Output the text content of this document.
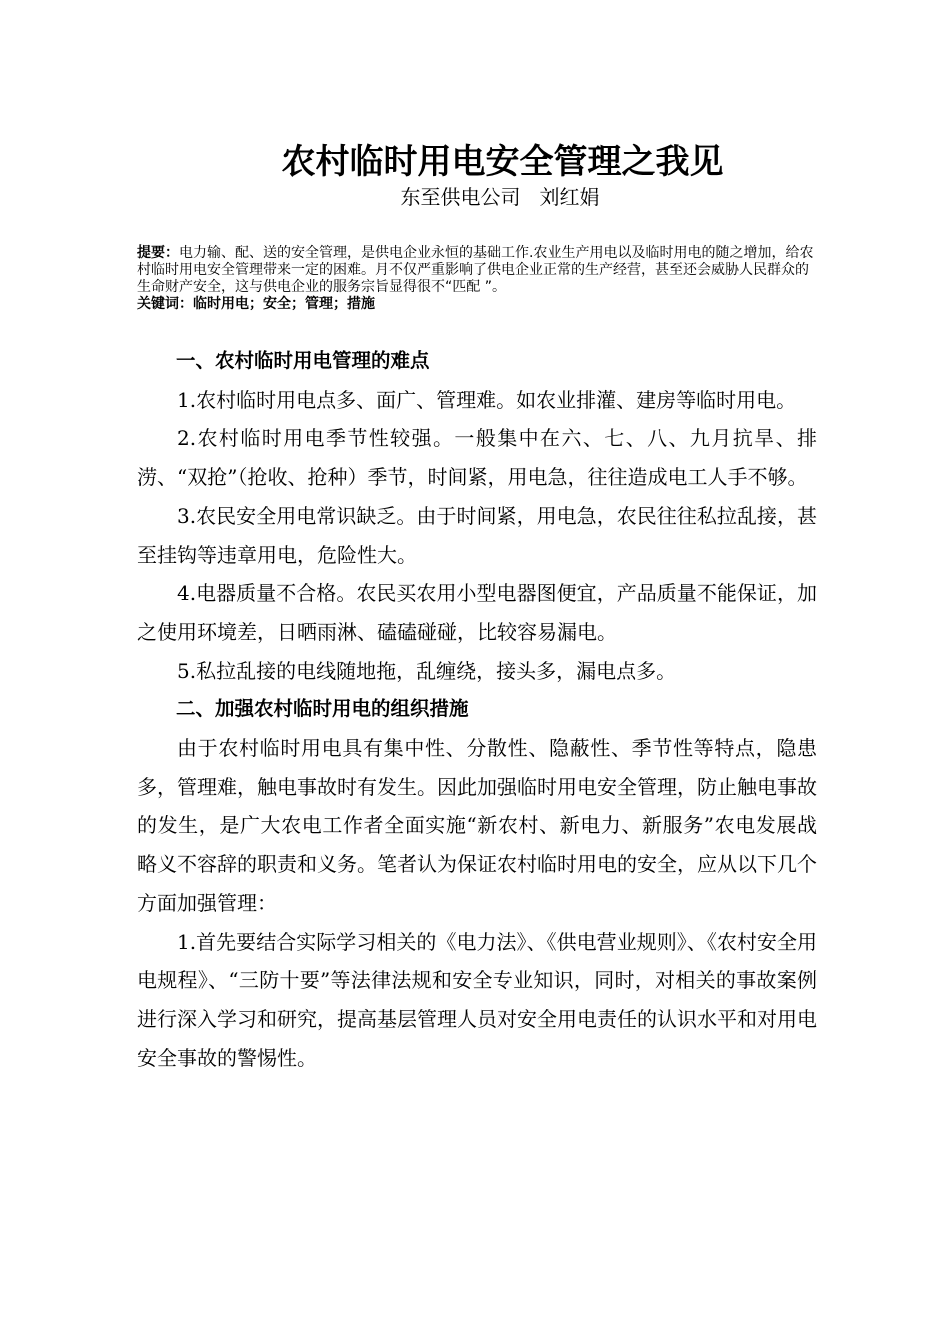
农村临时用电安全管理之我见
东至供电公司   刘红娟
提要：电力输、配、送的安全管理，是供电企业永恒的基础工作.农业生产用电以及临时用电的随之增加，给农村临时用电安全管理带来一定的困难。月不仅严重影响了供电企业正常的生产经营，甚至还会威胁人民群众的生命财产安全，这与供电企业的服务宗旨显得很不“匹配 ”。
关键词：临时用电；安全；管理；措施

一、农村临时用电管理的难点

1.农村临时用电点多、面广、管理难。如农业排灌、建房等临时用电。

2.农村临时用电季节性较强。一般集中在六、七、八、九月抗旱、排涝、“双抢”（抢收、抢种）季节，时间紧，用电急，往往造成电工人手不够。

3.农民安全用电常识缺乏。由于时间紧，用电急，农民往往私拉乱接，甚至挂钩等违章用电，危险性大。

4.电器质量不合格。农民买农用小型电器图便宜，产品质量不能保证，加之使用环境差，日晒雨淋、磕磕碰碰，比较容易漏电。

5.私拉乱接的电线随地拖，乱缠绕，接头多，漏电点多。

二、加强农村临时用电的组织措施

由于农村临时用电具有集中性、分散性、隐蔽性、季节性等特点，隐患多，管理难，触电事故时有发生。因此加强临时用电安全管理，防止触电事故的发生，是广大农电工作者全面实施“新农村、新电力、新服务”农电发展战略义不容辞的职责和义务。笔者认为保证农村临时用电的安全，应从以下几个方面加强管理：

1.首先要结合实际学习相关的《电力法》、《供电营业规则》、《农村安全用电规程》、“三防十要”等法律法规和安全专业知识，同时，对相关的事故案例进行深入学习和研究，提高基层管理人员对安全用电责任的认识水平和对用电安全事故的警惕性。
